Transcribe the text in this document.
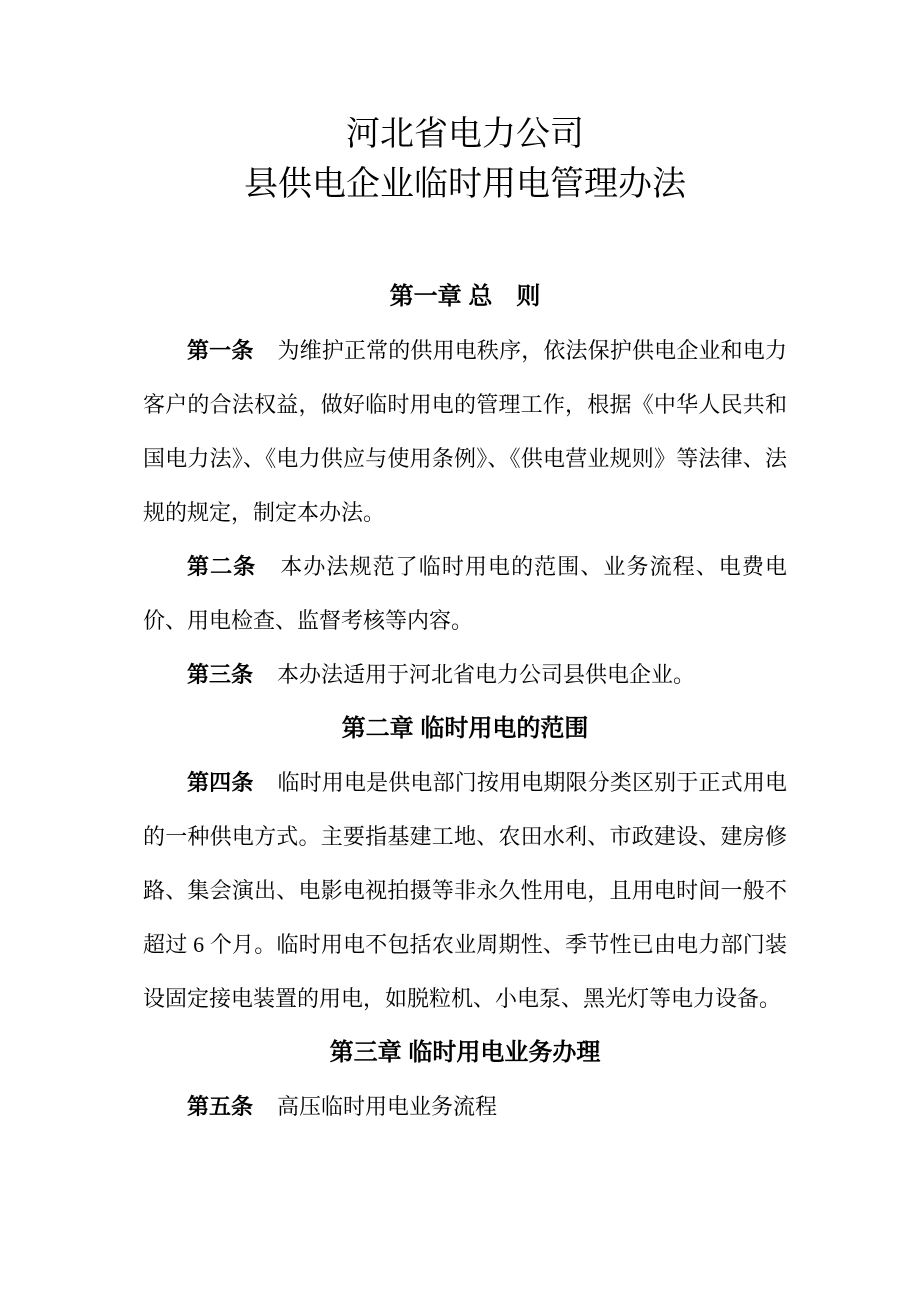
河北省电力公司
县供电企业临时用电管理办法
第一章 总　则

第一条 为维护正常的供用电秩序，依法保护供电企业和电力客户的合法权益，做好临时用电的管理工作，根据《中华人民共和国电力法》、《电力供应与使用条例》、《供电营业规则》等法律、法规的规定，制定本办法。

第二条 本办法规范了临时用电的范围、业务流程、电费电价、用电检查、监督考核等内容。

第三条 本办法适用于河北省电力公司县供电企业。

第二章 临时用电的范围

第四条 临时用电是供电部门按用电期限分类区别于正式用电的一种供电方式。主要指基建工地、农田水利、市政建设、建房修路、集会演出、电影电视拍摄等非永久性用电，且用电时间一般不超过 6 个月。临时用电不包括农业周期性、季节性已由电力部门装设固定接电装置的用电，如脱粒机、小电泵、黑光灯等电力设备。

第三章 临时用电业务办理

第五条 高压临时用电业务流程
